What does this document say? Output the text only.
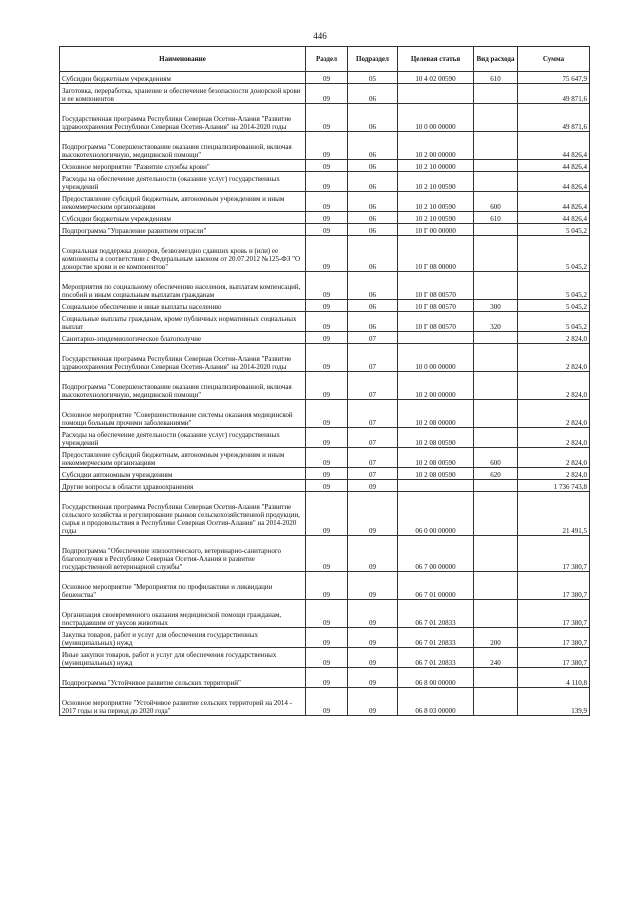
446
Наименование	Раздел	Подраздел	Целевая статья	Вид расхода	Сумма
Субсидии бюджетным учреждениям	09	05	10 4 02 00590	610	75 647,9
Заготовка, переработка, хранение и обеспечение безопасности донорской крови и ее компонентов	09	06			49 871,6
Государственная программа Республики Северная Осетия-Алания "Развитие здравоохранения Республики Северная Осетия-Алания" на 2014-2020 годы	09	06	10 0 00 00000		49 871,6
Подпрограмма "Совершенствование оказания специализированной, включая высокотехнологичную, медицинской помощи"	09	06	10 2 00 00000		44 826,4
Основное мероприятие "Развитие службы крови"	09	06	10 2 10 00000		44 826,4
Расходы на обеспечение деятельности (оказание услуг) государственных учреждений	09	06	10 2 10 00590		44 826,4
Предоставление субсидий бюджетным, автономным учреждениям и иным некоммерческим организациям	09	06	10 2 10 00590	600	44 826,4
Субсидии бюджетным учреждениям	09	06	10 2 10 00590	610	44 826,4
Подпрограмма "Управление развитием отрасли"	09	06	10 Г 00 00000		5 045,2
Социальная поддержка доноров, безвозмездно сдавших кровь и (или) ее компоненты в соответствии с Федеральным законом от 20.07.2012 №125-ФЗ "О донорстве крови и ее компонентов"	09	06	10 Г 08 00000		5 045,2
Мероприятия по социальному обеспечению населения, выплатам компенсаций, пособий и иным социальным выплатам гражданам	09	06	10 Г 08 00570		5 045,2
Социальное обеспечение и иные выплаты населению	09	06	10 Г 08 00570	300	5 045,2
Социальные выплаты гражданам, кроме публичных нормативных социальных выплат	09	06	10 Г 08 00570	320	5 045,2
Санитарно-эпидемиологическое благополучие	09	07			2 824,0
Государственная программа Республики Северная Осетия-Алания "Развитие здравоохранения Республики Северная Осетия-Алания" на 2014-2020 годы	09	07	10 0 00 00000		2 824,0
Подпрограмма "Совершенствование оказания специализированной, включая высокотехнологичную, медицинской помощи"	09	07	10 2 00 00000		2 824,0
Основное мероприятие "Совершенствование системы оказания медицинской помощи больным прочими заболеваниями"	09	07	10 2 08 00000		2 824,0
Расходы на обеспечение деятельности (оказание услуг) государственных учреждений	09	07	10 2 08 00590		2 824,0
Предоставление субсидий бюджетным, автономным учреждениям и иным некоммерческим организациям	09	07	10 2 08 00590	600	2 824,0
Субсидии автономным учреждениям	09	07	10 2 08 00590	620	2 824,0
Другие вопросы в области здравоохранения	09	09			1 736 743,8
Государственная программа Республики Северная Осетия-Алания "Развитие сельского хозяйства и регулирование рынков сельскохозяйственной продукции, сырья и продовольствия в Республике Северная Осетия-Алания" на 2014-2020 годы	09	09	06 0 00 00000		21 491,5
Подпрограмма "Обеспечение эпизоотического, ветеринарно-санитарного благополучия в Республике Северная Осетия-Алания и развитие государственной ветеринарной службы"	09	09	06 7 00 00000		17 380,7
Основное мероприятие "Мероприятия по профилактике и ликвидации бешенства"	09	09	06 7 01 00000		17 380,7
Организация своевременного оказания медицинской помощи гражданам, пострадавшим от укусов животных	09	09	06 7 01 20833		17 380,7
Закупка товаров, работ и услуг для обеспечения государственных (муниципальных) нужд	09	09	06 7 01 20833	200	17 380,7
Иные закупки товаров, работ и услуг для обеспечения государственных (муниципальных) нужд	09	09	06 7 01 20833	240	17 380,7
Подпрограмма "Устойчивое развитие сельских территорий"	09	09	06 8 00 00000		4 110,8
Основное мероприятие "Устойчивое развитие сельских территорий на 2014 - 2017 годы и на период до 2020 года"	09	09	06 8 03 00000		139,9
